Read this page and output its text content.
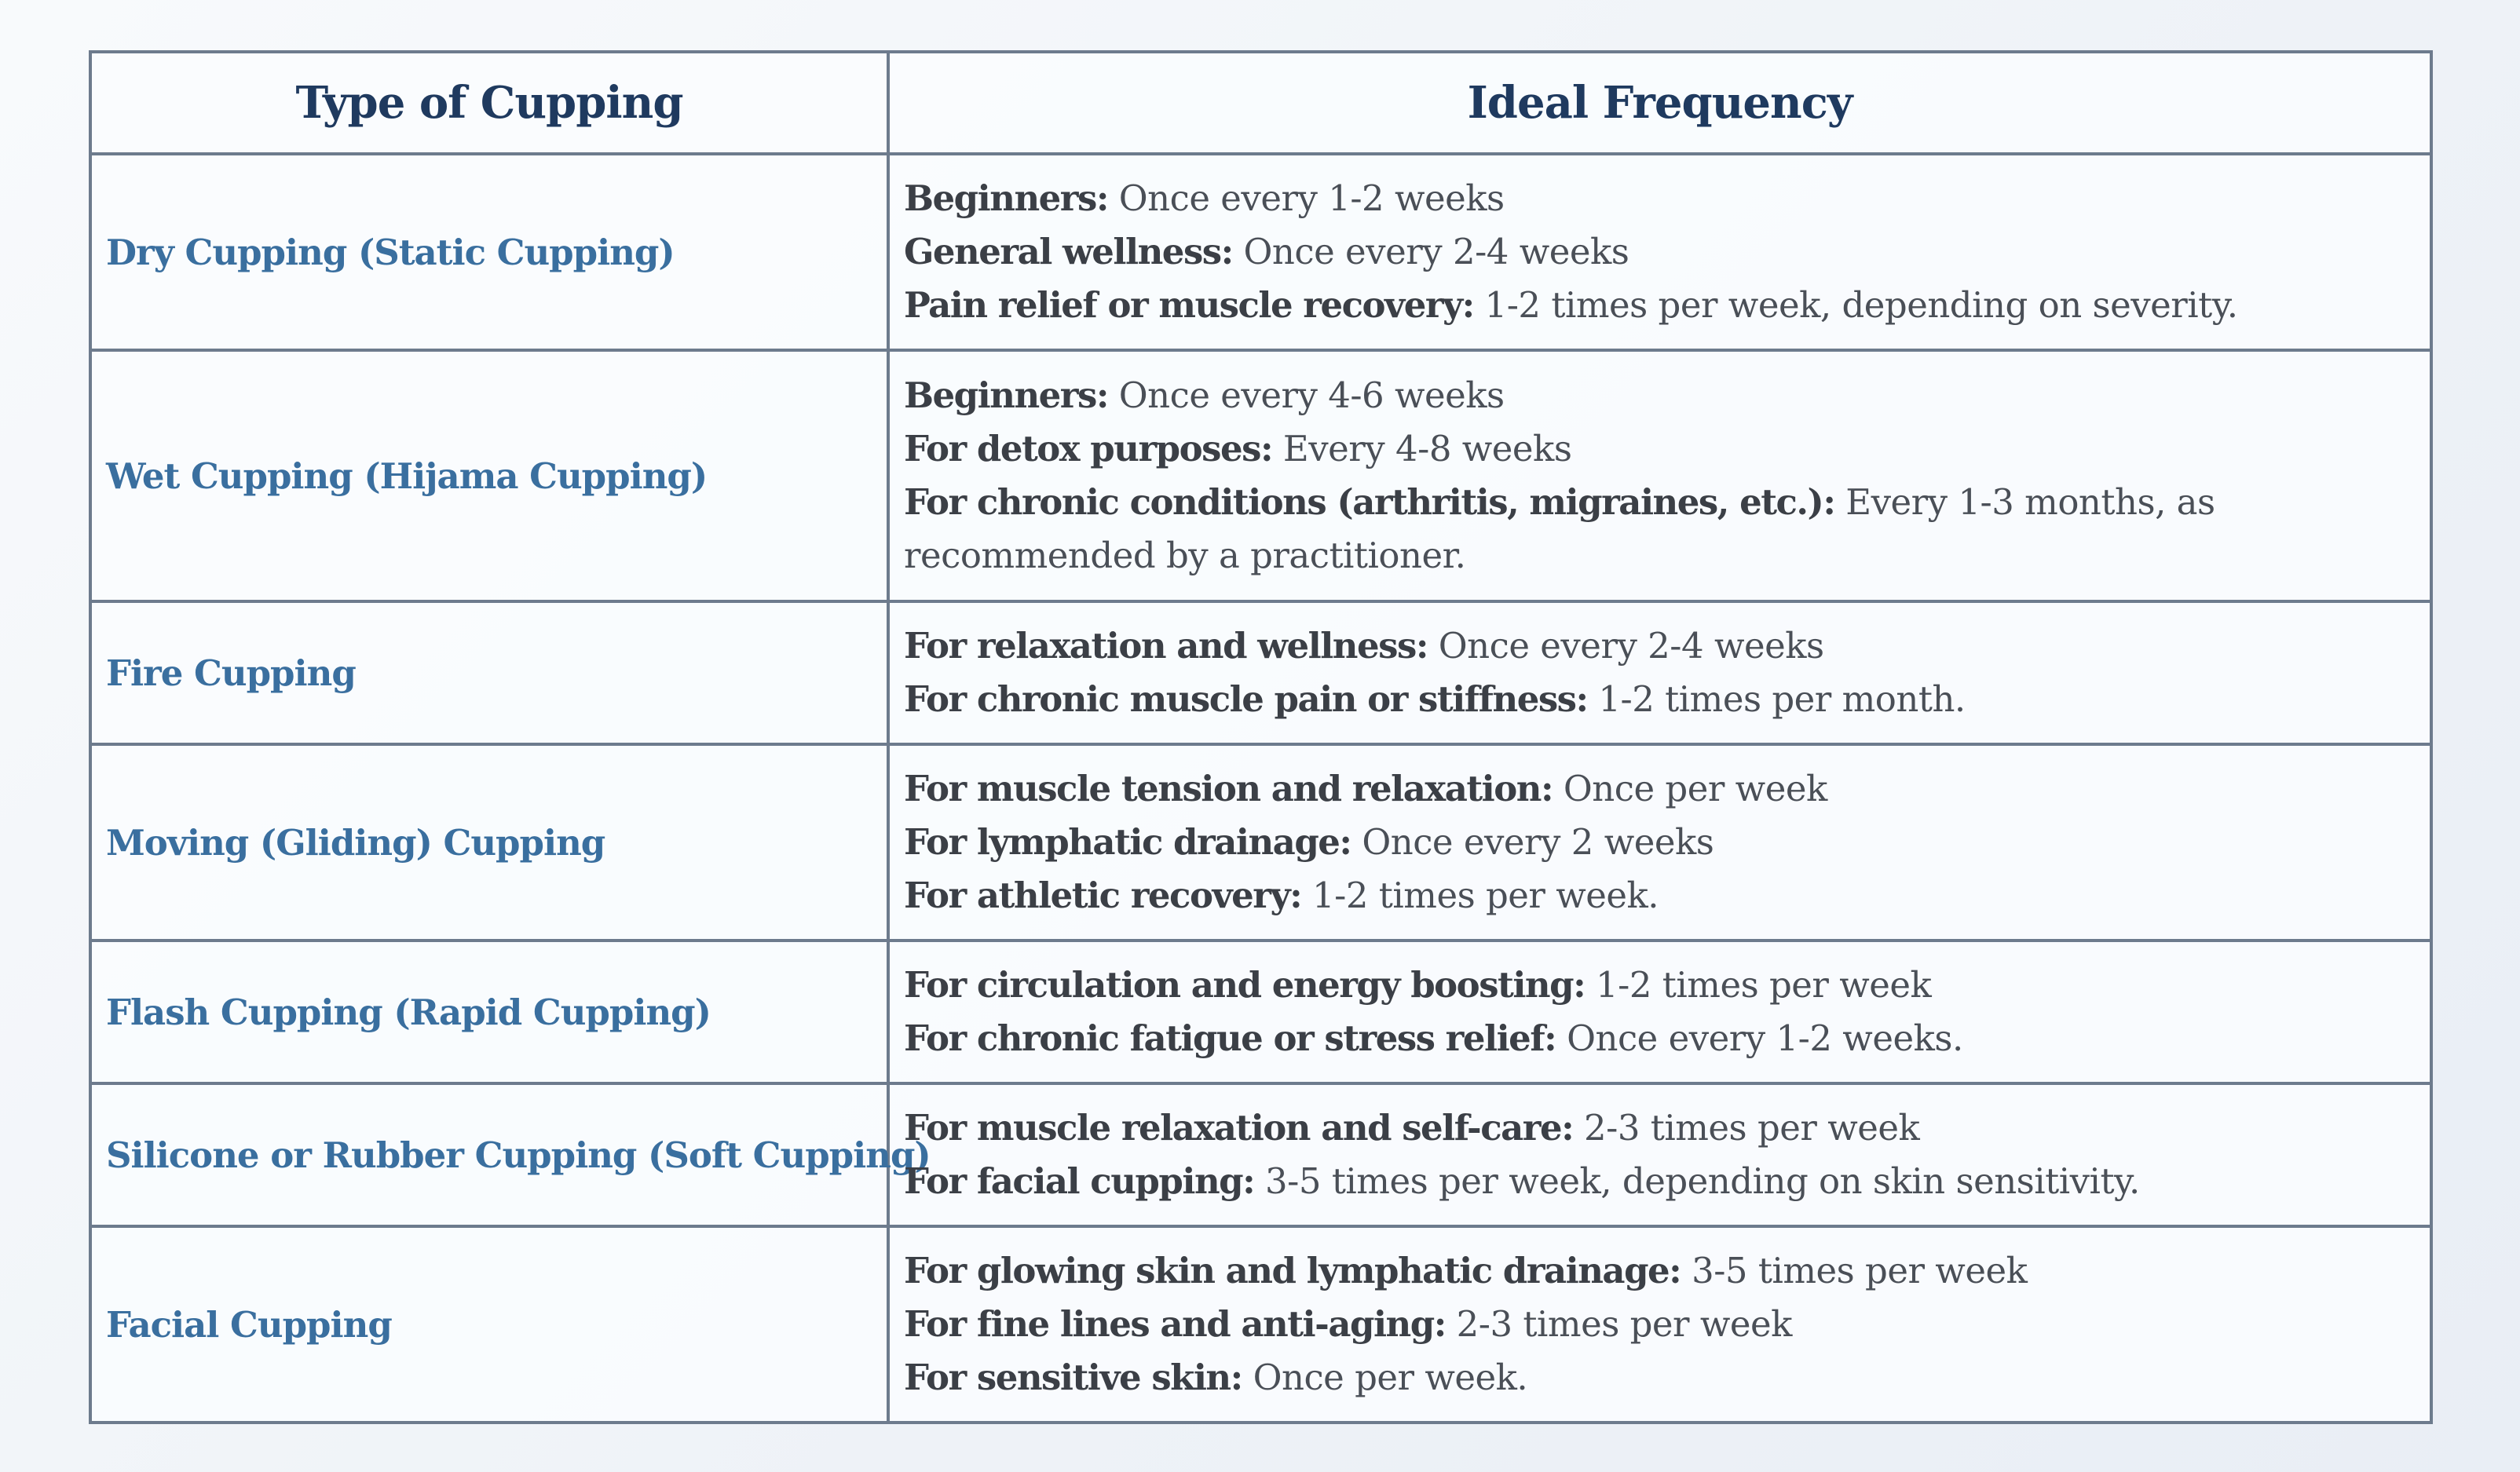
Type of Cupping	Ideal Frequency
Dry Cupping (Static Cupping)	Beginners: Once every 1-2 weeks
General wellness: Once every 2-4 weeks
Pain relief or muscle recovery: 1-2 times per week, depending on severity.

Wet Cupping (Hijama Cupping)	Beginners: Once every 4-6 weeks
For detox purposes: Every 4-8 weeks
For chronic conditions (arthritis, migraines, etc.): Every 1-3 months, as recommended by a practitioner.

Fire Cupping	For relaxation and wellness: Once every 2-4 weeks
For chronic muscle pain or stiffness: 1-2 times per month.

Moving (Gliding) Cupping	For muscle tension and relaxation: Once per week
For lymphatic drainage: Once every 2 weeks
For athletic recovery: 1-2 times per week.

Flash Cupping (Rapid Cupping)	For circulation and energy boosting: 1-2 times per week
For chronic fatigue or stress relief: Once every 1-2 weeks.

Silicone or Rubber Cupping (Soft Cupping)	For muscle relaxation and self-care: 2-3 times per week
For facial cupping: 3-5 times per week, depending on skin sensitivity.

Facial Cupping	For glowing skin and lymphatic drainage: 3-5 times per week
For fine lines and anti-aging: 2-3 times per week
For sensitive skin: Once per week.
